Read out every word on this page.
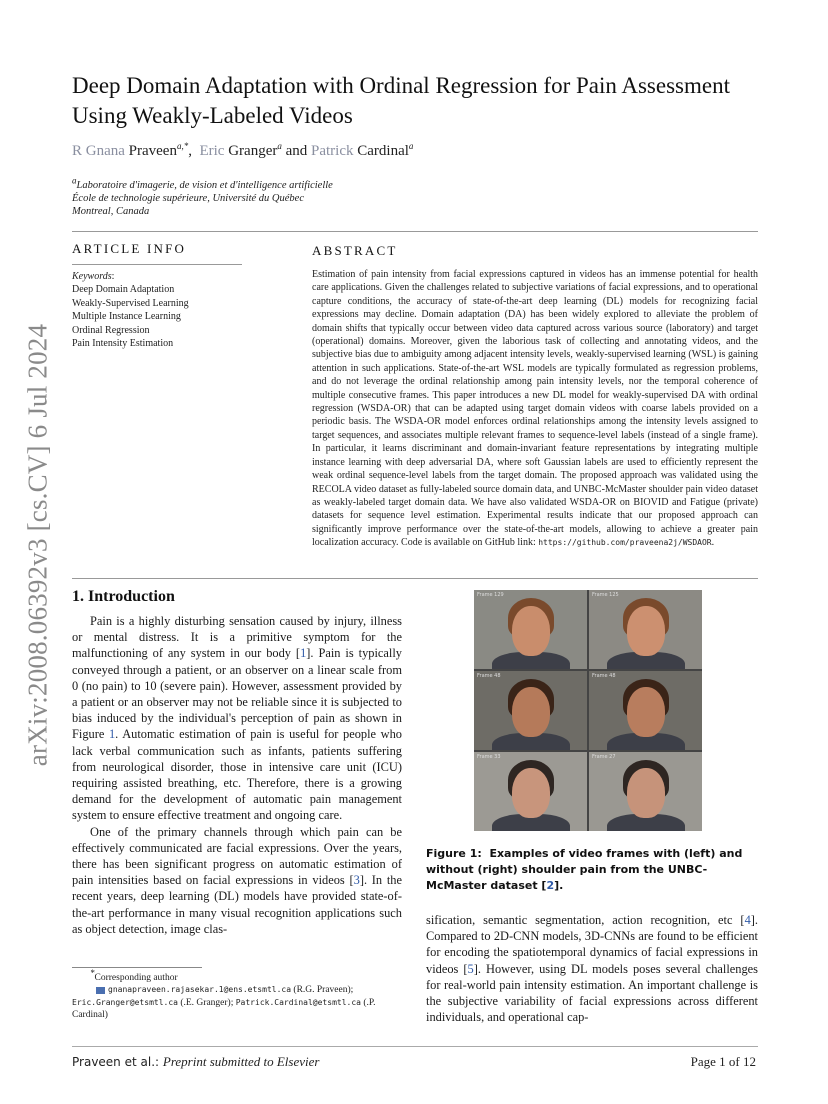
arXiv:2008.06392v3 [cs.CV] 6 Jul 2024
Deep Domain Adaptation with Ordinal Regression for Pain Assessment Using Weakly-Labeled Videos
R Gnana Praveen$^{a,*}$,  Eric Granger$^a$ and Patrick Cardinal$^a$
$^a$Laboratoire d'imagerie, de vision et d'intelligence artificielle
École de technologie supérieure, Université du Québec
Montreal, Canada
ARTICLE INFO	ABSTRACT
Keywords:
Deep Domain Adaptation
Weakly-Supervised Learning
Multiple Instance Learning
Ordinal Regression
Pain Intensity Estimation
Estimation of pain intensity from facial expressions captured in videos has an immense potential for health care applications. Given the challenges related to subjective variations of facial expressions, and to operational capture conditions, the accuracy of state-of-the-art deep learning (DL) models for recognizing facial expressions may decline. Domain adaptation (DA) has been widely explored to alleviate the problem of domain shifts that typically occur between video data captured across various source (laboratory) and target (operational) domains. Moreover, given the laborious task of collecting and annotating videos, and the subjective bias due to ambiguity among adjacent intensity levels, weakly-supervised learning (WSL) is gaining attention in such applications. State-of-the-art WSL models are typically formulated as regression problems, and do not leverage the ordinal relationship among pain intensity levels, nor the temporal coherence of multiple consecutive frames. This paper introduces a new DL model for weakly-supervised DA with ordinal regression (WSDA-OR) that can be adapted using target domain videos with coarse labels provided on a periodic basis. The WSDA-OR model enforces ordinal relationships among the intensity levels assigned to target sequences, and associates multiple relevant frames to sequence-level labels (instead of a single frame). In particular, it learns discriminant and domain-invariant feature representations by integrating multiple instance learning with deep adversarial DA, where soft Gaussian labels are used to efficiently represent the weak ordinal sequence-level labels from the target domain. The proposed approach was validated using the RECOLA video dataset as fully-labeled source domain data, and UNBC-McMaster shoulder pain video dataset as weakly-labeled target domain data. We have also validated WSDA-OR on BIOVID and Fatigue (private) datasets for sequence level estimation. Experimental results indicate that our proposed approach can significantly improve performance over the state-of-the-art models, allowing to achieve a greater pain localization accuracy. Code is available on GitHub link: https://github.com/praveena2j/WSDAOR.
1. Introduction

Pain is a highly disturbing sensation caused by injury, illness or mental distress. It is a primitive symptom for the malfunctioning of any system in our body [1]. Pain is typically conveyed through a patient, or an observer on a linear scale from 0 (no pain) to 10 (severe pain). However, assessment provided by a patient or an observer may not be reliable since it is subjected to bias induced by the individual's perception of pain as shown in Figure 1. Automatic estimation of pain is useful for people who lack verbal communication such as infants, patients suffering from neurological disorder, those in intensive care unit (ICU) requiring assisted breathing, etc. Therefore, there is a growing demand for the development of automatic pain management system to ensure effective treatment and ongoing care.

One of the primary channels through which pain can be effectively communicated are facial expressions. Over the years, there has been significant progress on automatic estimation of pain intensities based on facial expressions in videos [3]. In the recent years, deep learning (DL) models have provided state-of-the-art performance in many visual recognition applications such as object detection, image clas-

Frame 129	Frame 125
Frame 48	Frame 48
Frame 33	Frame 27
Figure 1: Examples of video frames with (left) and without (right) shoulder pain from the UNBC-McMaster dataset [2].

sification, semantic segmentation, action recognition, etc [4]. Compared to 2D-CNN models, 3D-CNNs are found to be efficient for encoding the spatiotemporal dynamics of facial expressions in videos [5]. However, using DL models poses several challenges for real-world pain intensity estimation. An important challenge is the subjective variability of facial expressions across different individuals, and operational cap-

*Corresponding author
gnanapraveen.rajasekar.1@ens.etsmtl.ca (R.G. Praveen);
Eric.Granger@etsmtl.ca (.E. Granger); Patrick.Cardinal@etsmtl.ca (.P. Cardinal)
Praveen et al.: Preprint submitted to Elsevier	Page 1 of 12
